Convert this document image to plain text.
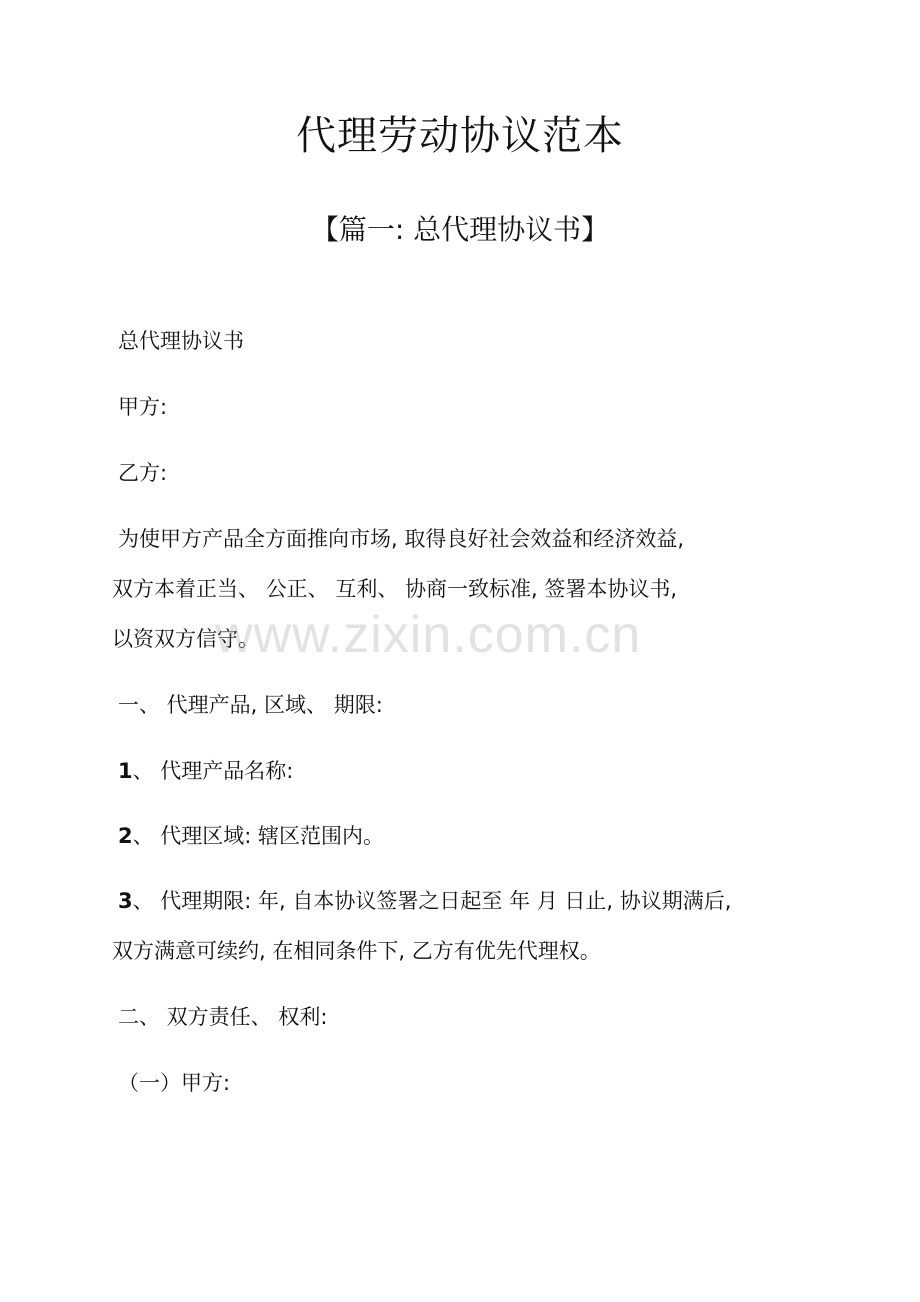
代理劳动协议范本
【篇一: 总代理协议书】
总代理协议书
甲方:
乙方:
为使甲方产品全方面推向市场, 取得良好社会效益和经济效益,
双方本着正当、 公正、 互利、 协商一致标准, 签署本协议书,
以资双方信守。
www.zixin.com.cn
一、 代理产品, 区域、 期限:
1、 代理产品名称:
2、 代理区域: 辖区范围内。
3、 代理期限: 年, 自本协议签署之日起至 年 月 日止, 协议期满后,
双方满意可续约, 在相同条件下, 乙方有优先代理权。
二、 双方责任、 权利:
（一）甲方:
